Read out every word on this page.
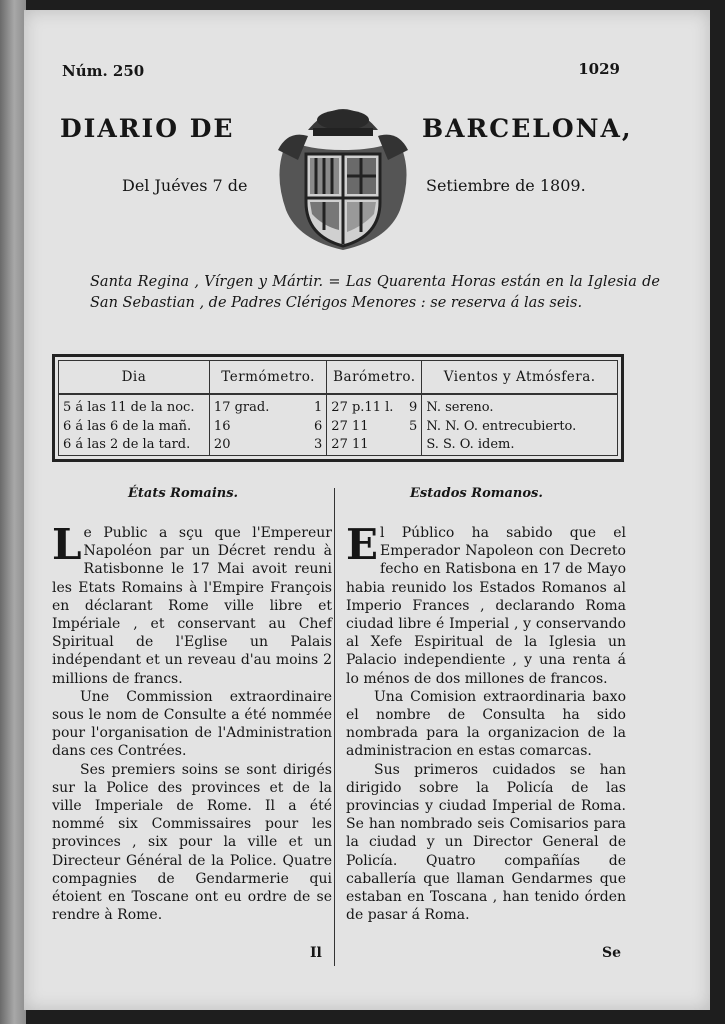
Núm. 250	1029
DIARIO DE	BARCELONA,
Del Juéves 7 de	Setiembre de 1809.
Santa Regina , Vírgen y Mártir. = Las Quarenta Horas están en la Iglesia de San Sebastian , de Padres Clérigos Menores : se reserva á las seis.
Dia	Termómetro.	Barómetro.	Vientos y Atmósfera.
5 á las 11 de la noc.	17 grad. 1	27 p.11 l. 9	N. sereno.
6 á las 6 de la mañ.	16 6	27 11 5	N. N. O. entrecubierto.
6 á las 2 de la tard.	20 3	27 11	S. S. O. idem.
États Romains.	Estados Romanos.

Le Public a sçu que l'Empereur Napoléon par un Décret rendu à Ratisbonne le 17 Mai avoit reuni les Etats Romains à l'Empire François en déclarant Rome ville libre et Impériale , et conservant au Chef Spiritual de l'Eglise un Palais indépendant et un reveau d'au moins 2 millions de francs.

Une Commission extraordinaire sous le nom de Consulte a été nommée pour l'organisation de l'Administration dans ces Contrées.

Ses premiers soins se sont dirigés sur la Police des provinces et de la ville Imperiale de Rome. Il a été nommé six Commissaires pour les provinces , six pour la ville et un Directeur Général de la Police. Quatre compagnies de Gendarmerie qui étoient en Toscane ont eu ordre de se rendre à Rome.

El Público ha sabido que el Emperador Napoleon con Decreto fecho en Ratisbona en 17 de Mayo habia reunido los Estados Romanos al Imperio Frances , declarando Roma ciudad libre é Imperial , y conservando al Xefe Espiritual de la Iglesia un Palacio independiente , y una renta á lo ménos de dos millones de francos.

Una Comision extraordinaria baxo el nombre de Consulta ha sido nombrada para la organizacion de la administracion en estas comarcas.

Sus primeros cuidados se han dirigido sobre la Policía de las provincias y ciudad Imperial de Roma. Se han nombrado seis Comisarios para la ciudad y un Director General de Policía. Quatro compañías de caballería que llaman Gendarmes que estaban en Toscana , han tenido órden de pasar á Roma.

Il	Se
